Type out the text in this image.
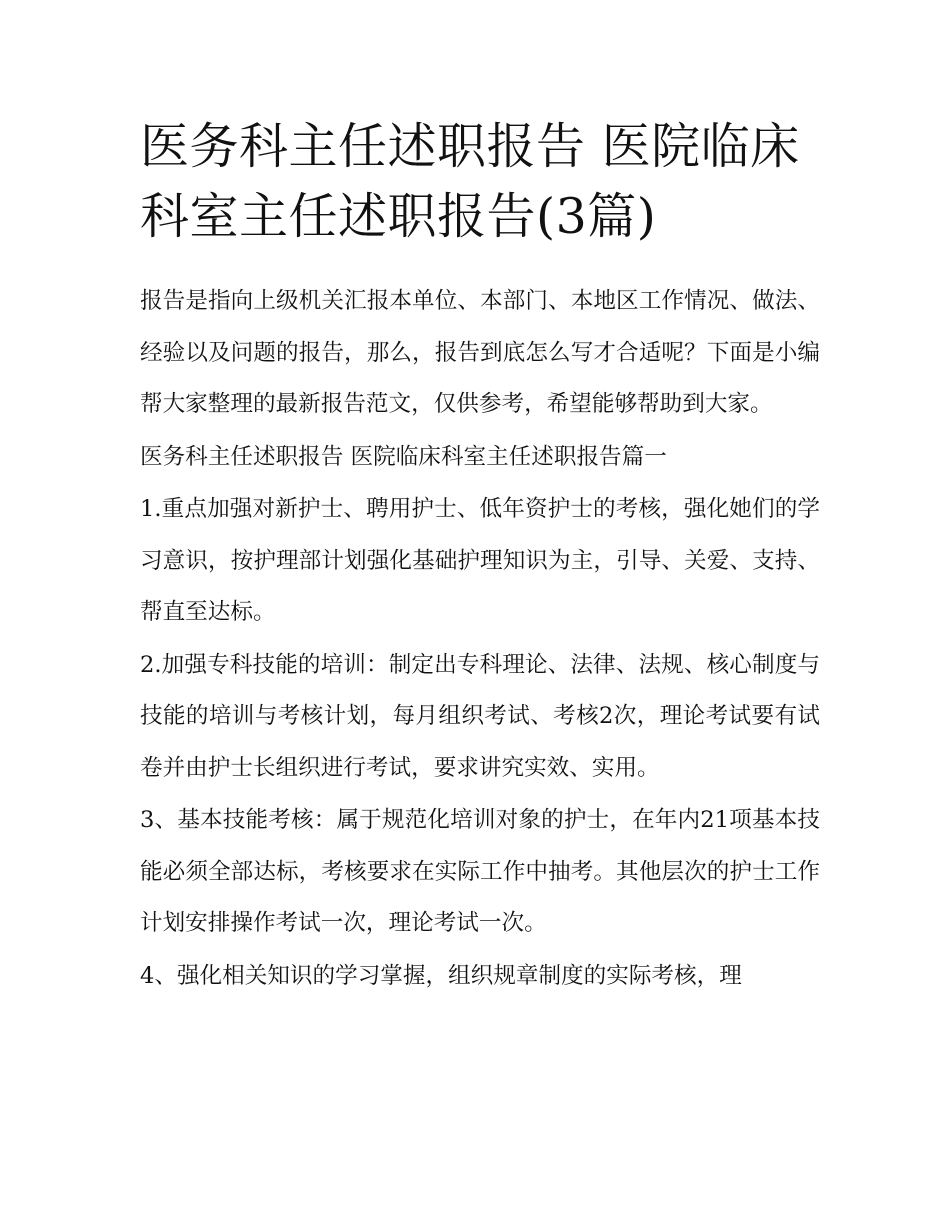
医务科主任述职报告 医院临床科室主任述职报告(3篇)

报告是指向上级机关汇报本单位、本部门、本地区工作情况、做法、经验以及问题的报告，那么，报告到底怎么写才合适呢？下面是小编帮大家整理的最新报告范文，仅供参考，希望能够帮助到大家。

医务科主任述职报告 医院临床科室主任述职报告篇一

1.重点加强对新护士、聘用护士、低年资护士的考核，强化她们的学习意识，按护理部计划强化基础护理知识为主，引导、关爱、支持、帮直至达标。

2.加强专科技能的培训：制定出专科理论、法律、法规、核心制度与技能的培训与考核计划，每月组织考试、考核2次，理论考试要有试卷并由护士长组织进行考试，要求讲究实效、实用。

3、基本技能考核：属于规范化培训对象的护士，在年内21项基本技能必须全部达标，考核要求在实际工作中抽考。其他层次的护士工作计划安排操作考试一次，理论考试一次。

4、强化相关知识的学习掌握，组织规章制度的实际考核，理
